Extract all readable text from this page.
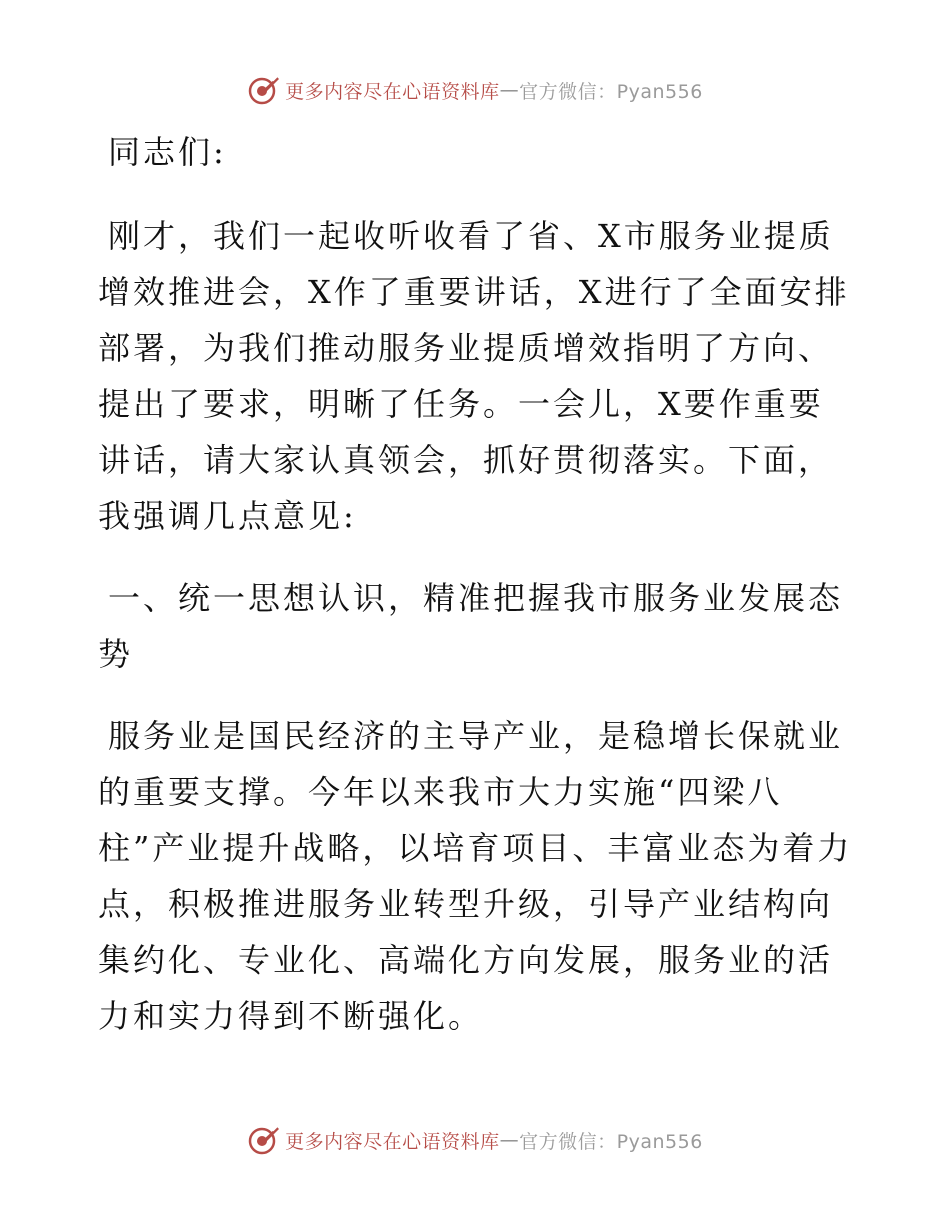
更多内容尽在心语资料库 — 官方微信：Pyan556

同志们:

刚才，我们一起收听收看了省、X市服务业提质增效推进会，X作了重要讲话，X进行了全面安排部署，为我们推动服务业提质增效指明了方向、提出了要求，明晰了任务。一会儿，X要作重要讲话，请大家认真领会，抓好贯彻落实。下面，我强调几点意见:

一、统一思想认识，精准把握我市服务业发展态势

服务业是国民经济的主导产业，是稳增长保就业的重要支撑。今年以来我市大力实施“四梁八柱”产业提升战略，以培育项目、丰富业态为着力点，积极推进服务业转型升级，引导产业结构向集约化、专业化、高端化方向发展，服务业的活力和实力得到不断强化。

更多内容尽在心语资料库 — 官方微信：Pyan556
